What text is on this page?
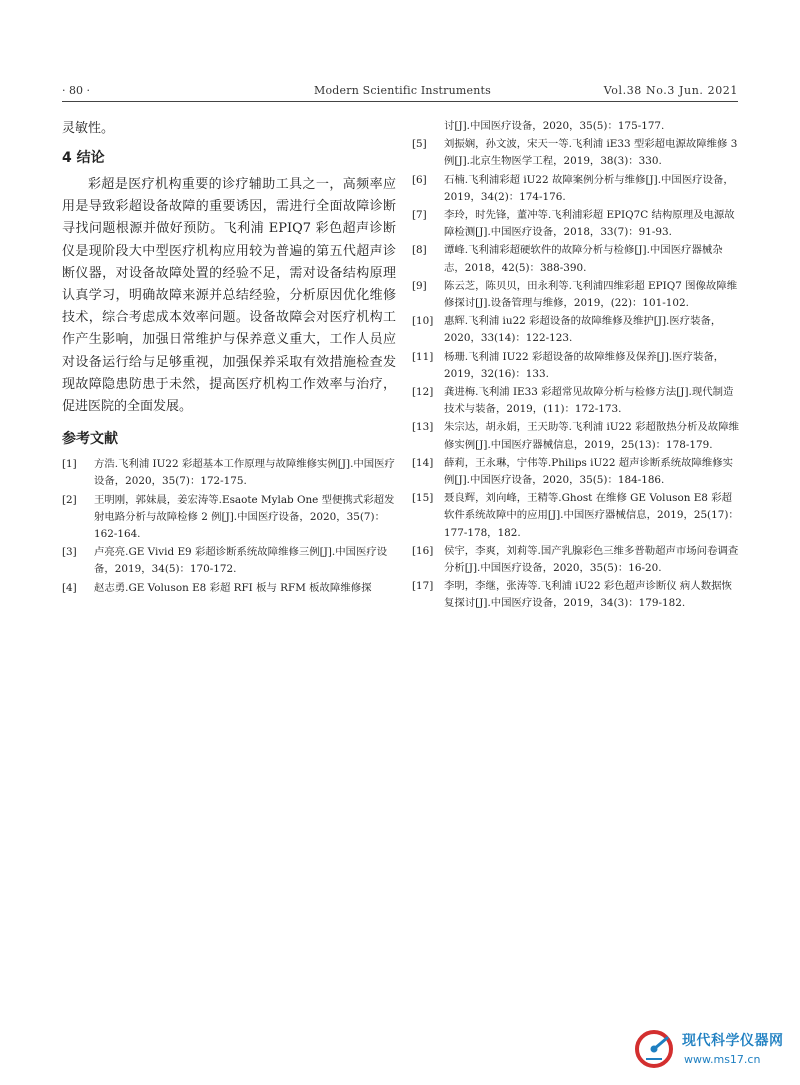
· 80 ·	Modern Scientific Instruments	Vol.38 No.3 Jun. 2021

灵敏性。

4 结论

彩超是医疗机构重要的诊疗辅助工具之一，高频率应用是导致彩超设备故障的重要诱因，需进行全面故障诊断寻找问题根源并做好预防。飞利浦 EPIQ7 彩色超声诊断仪是现阶段大中型医疗机构应用较为普遍的第五代超声诊断仪器，对设备故障处置的经验不足，需对设备结构原理认真学习，明确故障来源并总结经验，分析原因优化维修技术，综合考虑成本效率问题。设备故障会对医疗机构工作产生影响，加强日常维护与保养意义重大，工作人员应对设备运行给与足够重视，加强保养采取有效措施检查发现故障隐患防患于未然，提高医疗机构工作效率与治疗，促进医院的全面发展。

参考文献
[1] 方浩.飞利浦 IU22 彩超基本工作原理与故障维修实例[J].中国医疗设备，2020，35(7)：172-175.
[2] 王明刚，郭妹晨，姜宏涛等.Esaote Mylab One 型便携式彩超发射电路分析与故障检修 2 例[J].中国医疗设备，2020，35(7)：162-164.
[3] 卢亮亮.GE Vivid E9 彩超诊断系统故障维修三例[J].中国医疗设备，2019，34(5)：170-172.
[4] 赵志勇.GE Voluson E8 彩超 RFI 板与 RFM 板故障维修探
讨[J].中国医疗设备，2020，35(5)：175-177.
[5] 刘振娴，孙文波，宋天一等.飞利浦 iE33 型彩超电源故障维修 3 例[J].北京生物医学工程，2019，38(3)：330.
[6] 石楠.飞利浦彩超 iU22 故障案例分析与维修[J].中国医疗设备，2019，34(2)：174-176.
[7] 李玲，时先锋，董冲等.飞利浦彩超 EPIQ7C 结构原理及电源故障检测[J].中国医疗设备，2018，33(7)：91-93.
[8] 谭峰.飞利浦彩超硬软件的故障分析与检修[J].中国医疗器械杂志，2018，42(5)：388-390.
[9] 陈云芝，陈贝贝，田永利等.飞利浦四维彩超 EPIQ7 图像故障维修探讨[J].设备管理与维修，2019，(22)：101-102.
[10] 惠辉.飞利浦 iu22 彩超设备的故障维修及维护[J].医疗装备，2020，33(14)：122-123.
[11] 杨珊.飞利浦 IU22 彩超设备的故障维修及保养[J].医疗装备，2019，32(16)：133.
[12] 龚进梅.飞利浦 IE33 彩超常见故障分析与检修方法[J].现代制造技术与装备，2019，(11)：172-173.
[13] 朱宗达，胡永娟，王天助等.飞利浦 iU22 彩超散热分析及故障维修实例[J].中国医疗器械信息，2019，25(13)：178-179.
[14] 薛莉，王永琳，宁伟等.Philips iU22 超声诊断系统故障维修实例[J].中国医疗设备，2020，35(5)：184-186.
[15] 聂良辉，刘向峰，王精等.Ghost 在维修 GE Voluson E8 彩超软件系统故障中的应用[J].中国医疗器械信息，2019，25(17)：177-178，182.
[16] 侯宇，李爽，刘莉等.国产乳腺彩色三维多普勒超声市场问卷调查分析[J].中国医疗设备，2020，35(5)：16-20.
[17] 李明，李继，张涛等.飞利浦 iU22 彩色超声诊断仪 病人数据恢复探讨[J].中国医疗设备，2019，34(3)：179-182.
现代科学仪器网
www.ms17.cn
